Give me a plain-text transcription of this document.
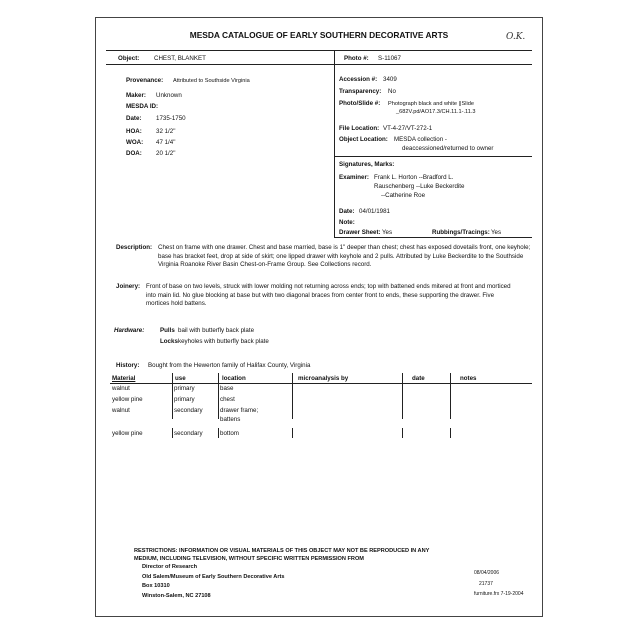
MESDA CATALOGUE OF EARLY SOUTHERN DECORATIVE ARTS	O.K.
Object: CHEST, BLANKET
Provenance: Attributed to Southside Virginia
Maker: Unknown
MESDA ID:
Date: 1735-1750
HOA: 32 1/2"
WOA: 47 1/4"
DOA: 20 1/2"
Photo #: S-11067
Accession #: 3409
Transparency: No
Photo/Slide #: Photograph black and white ||Slide
_682V.pd/AO17.3/CH.11.1-.11.3
File Location: VT-4-27/VT-272-1
Object Location: MESDA collection -
deaccessioned/returned to owner
Signatures, Marks:
Examiner: Frank L. Horton --Bradford L.
Rauschenberg --Luke Beckerdite
--Catherine Roe
Date: 04/01/1981
Note:
Drawer Sheet: Yes	Rubbings/Tracings: Yes
Description: Chest on frame with one drawer. Chest and base married, base is 1" deeper than chest; chest has exposed dovetails front, one keyhole; base has bracket feet, drop at side of skirt; one lipped drawer with keyhole and 2 pulls. Attributed by Luke Beckerdite to the Southside Virginia Roanoke River Basin Chest-on-Frame Group. See Collections record.
Joinery: Front of base on two levels, struck with lower molding not returning across ends; top with battened ends mitered at front and morticed into main lid. No glue blocking at base but with two diagonal braces from center front to ends, these supporting the drawer. Five mortices hold battens.
Hardware:	Pulls bail with butterfly back plate
Locks keyholes with butterfly back plate
History: Bought from the Hewerton family of Halifax County, Virginia
Material	use	location	microanalysis by	date	notes
walnut	primary	base
yellow pine	primary	chest
walnut	secondary	drawer frame;
battens
yellow pine	secondary	bottom
RESTRICTIONS: INFORMATION OR VISUAL MATERIALS OF THIS OBJECT MAY NOT BE REPRODUCED IN ANY
MEDIUM, INCLUDING TELEVISION, WITHOUT SPECIFIC WRITTEN PERMISSION FROM
Director of Research
Old Salem/Museum of Early Southern Decorative Arts
Box 10310
Winston-Salem, NC 27108
08/04/2006
21737
furniture.frx 7-19-2004
